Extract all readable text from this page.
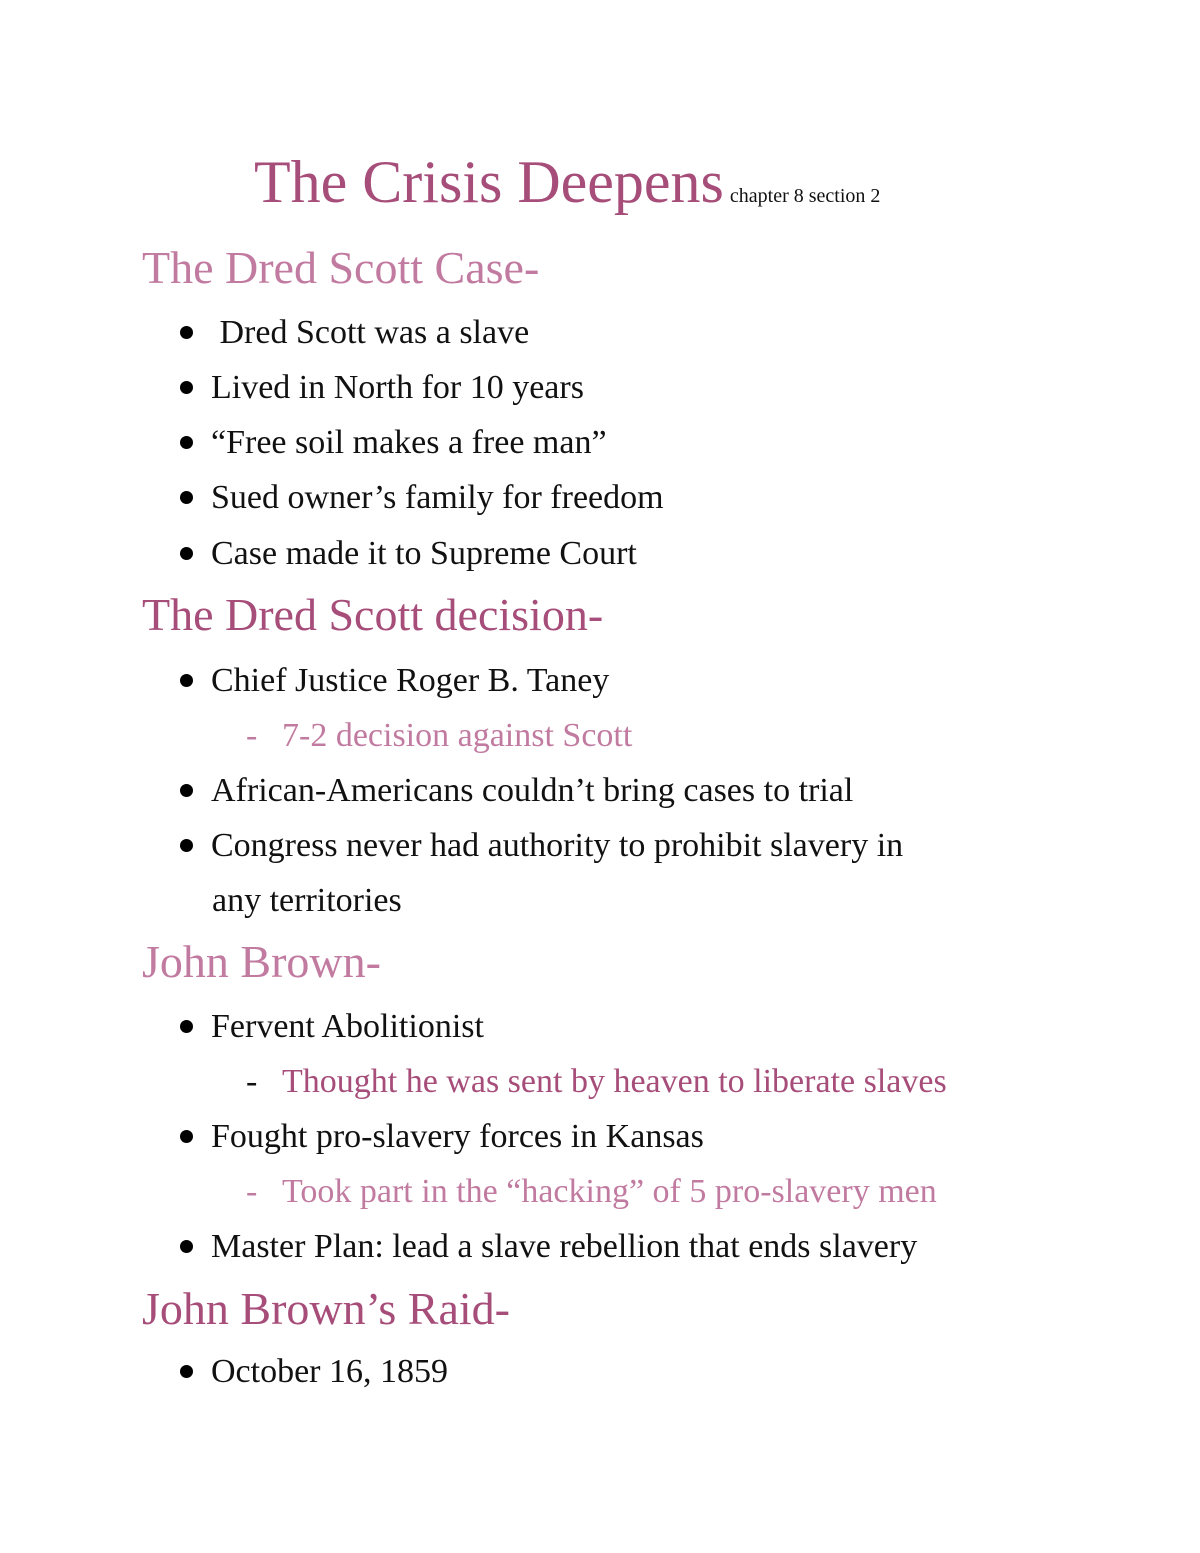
The Crisis Deepens chapter 8 section 2
The Dred Scott Case-
Dred Scott was a slave
Lived in North for 10 years
“Free soil makes a free man”
Sued owner’s family for freedom
Case made it to Supreme Court
The Dred Scott decision-
Chief Justice Roger B. Taney
- 7-2 decision against Scott
African-Americans couldn’t bring cases to trial
Congress never had authority to prohibit slavery in
any territories
John Brown-
Fervent Abolitionist
- Thought he was sent by heaven to liberate slaves
Fought pro-slavery forces in Kansas
- Took part in the “hacking” of 5 pro-slavery men
Master Plan: lead a slave rebellion that ends slavery
John Brown’s Raid-
October 16, 1859
